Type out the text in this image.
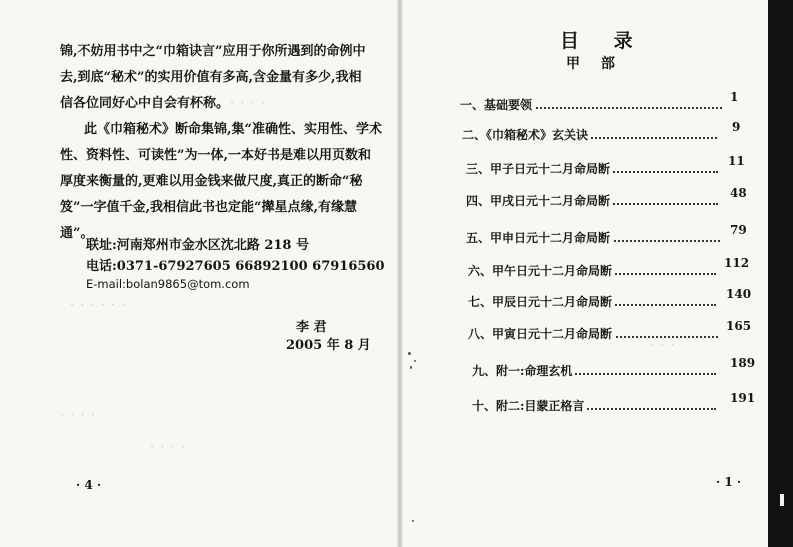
· · · ·
· · · · · ·
· · · ·
· · · ·
锦,不妨用书中之“巾箱诀言”应用于你所遇到的命例中
去,到底“秘术”的实用价值有多高,含金量有多少,我相
信各位同好心中自会有杯称。
此《巾箱秘术》断命集锦,集“准确性、实用性、学术
性、资料性、可读性”为一体,一本好书是难以用页数和
厚度来衡量的,更难以用金钱来做尺度,真正的断命“秘
笈”一字值千金,我相信此书也定能“撵星点缘,有缘慧
通”。
联址:河南郑州市金水区沈北路 218 号
电话:0371-67927605 66892100 67916560
E-mail:bolan9865@tom.com
李 君
2005 年 8 月
· 4 ·
目 录
甲 部
· · · ·
· · ·
一、基础要领
1
二、《巾箱秘术》玄关诀
9
三、甲子日元十二月命局断
11
四、甲戌日元十二月命局断
48
五、甲申日元十二月命局断
79
六、甲午日元十二月命局断
112
七、甲辰日元十二月命局断
140
八、甲寅日元十二月命局断
165
九、附一:命理玄机
189
十、附二:目蒙正格言
191
· 1 ·
